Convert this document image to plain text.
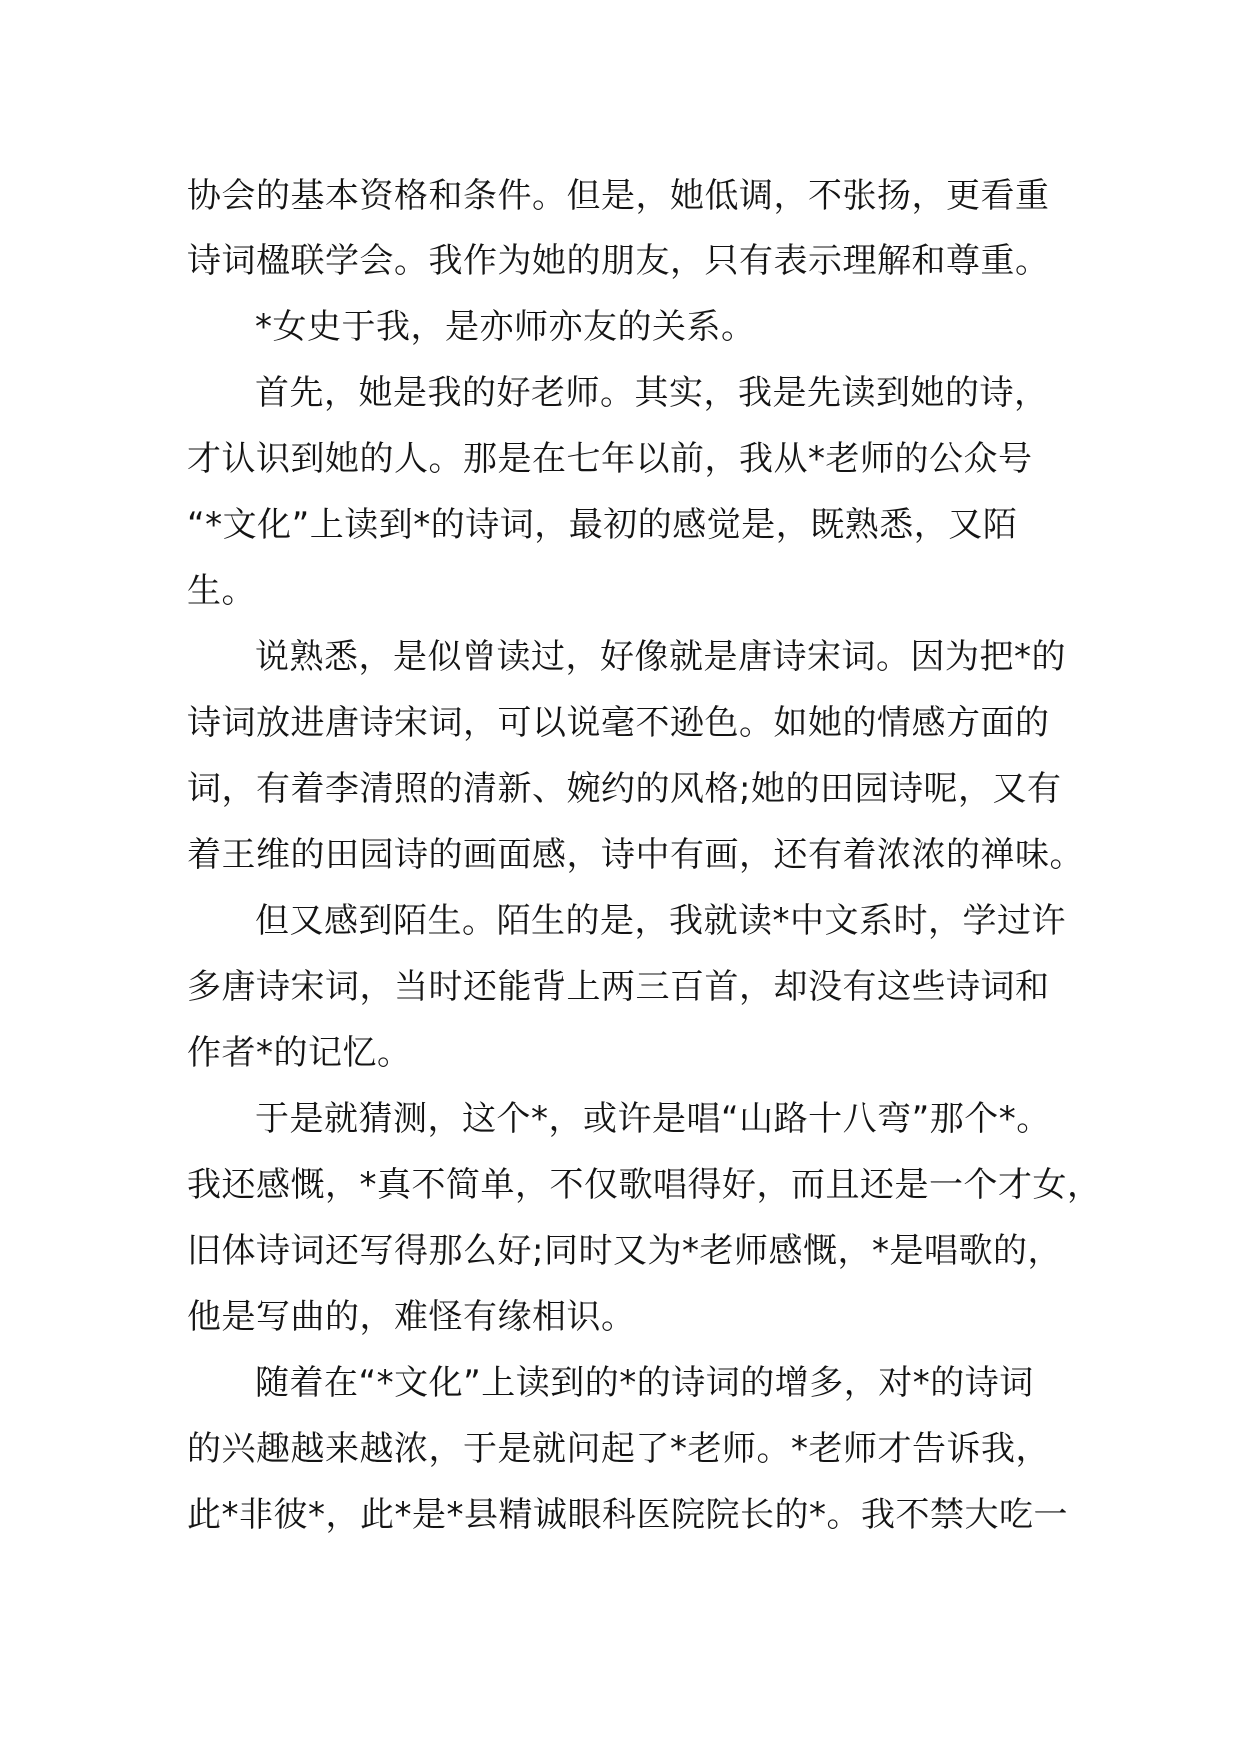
协会的基本资格和条件。但是，她低调，不张扬，更看重
诗词楹联学会。我作为她的朋友，只有表示理解和尊重。
*女史于我，是亦师亦友的关系。
首先，她是我的好老师。其实，我是先读到她的诗，
才认识到她的人。那是在七年以前，我从*老师的公众号
“*文化”上读到*的诗词，最初的感觉是，既熟悉，又陌
生。
说熟悉，是似曾读过，好像就是唐诗宋词。因为把*的
诗词放进唐诗宋词，可以说毫不逊色。如她的情感方面的
词，有着李清照的清新、婉约的风格;她的田园诗呢，又有
着王维的田园诗的画面感，诗中有画，还有着浓浓的禅味。
但又感到陌生。陌生的是，我就读*中文系时，学过许
多唐诗宋词，当时还能背上两三百首，却没有这些诗词和
作者*的记忆。
于是就猜测，这个*，或许是唱“山路十八弯”那个*。
我还感慨，*真不简单，不仅歌唱得好，而且还是一个才女，
旧体诗词还写得那么好;同时又为*老师感慨，*是唱歌的，
他是写曲的，难怪有缘相识。
随着在“*文化”上读到的*的诗词的增多，对*的诗词
的兴趣越来越浓，于是就问起了*老师。*老师才告诉我，
此*非彼*，此*是*县精诚眼科医院院长的*。我不禁大吃一
